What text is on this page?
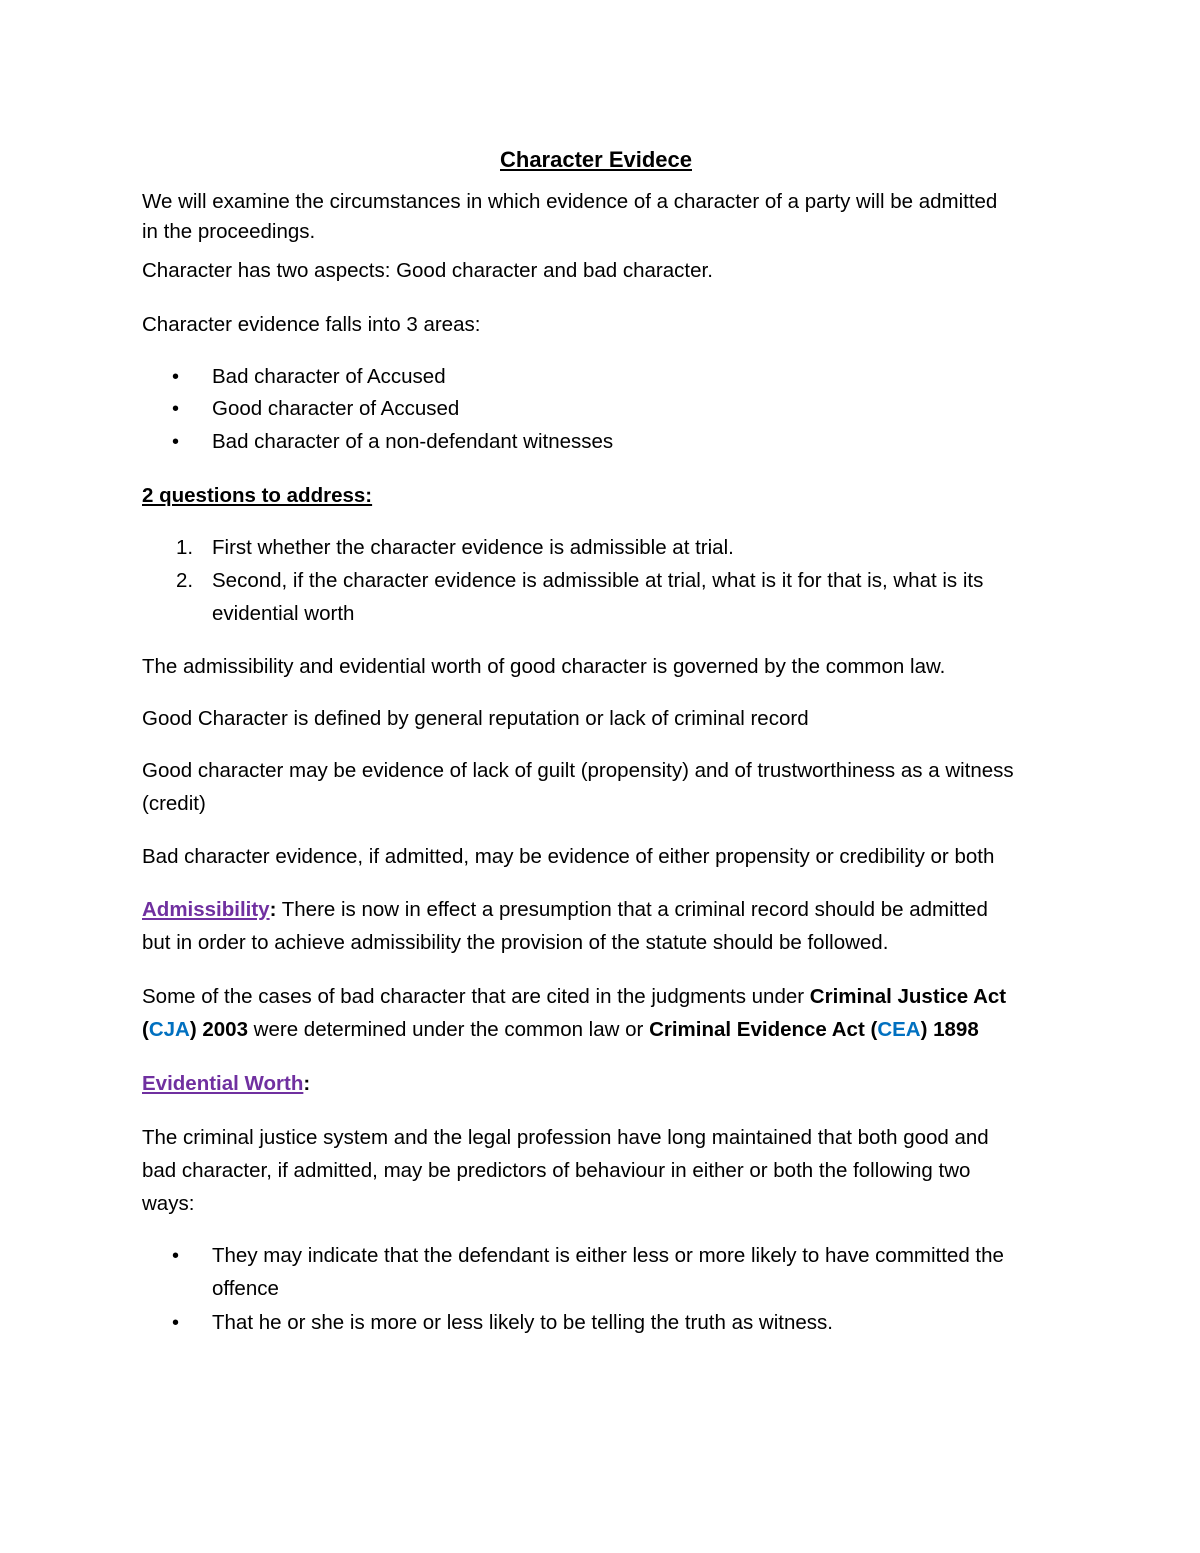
Character Evidece
We will examine the circumstances in which evidence of a character of a party will be admitted
in the proceedings.
Character has two aspects: Good character and bad character.
Character evidence falls into 3 areas:
• Bad character of Accused
• Good character of Accused
• Bad character of a non-defendant witnesses
2 questions to address:
1. First whether the character evidence is admissible at trial.
2. Second, if the character evidence is admissible at trial, what is it for that is, what is its
evidential worth
The admissibility and evidential worth of good character is governed by the common law.
Good Character is defined by general reputation or lack of criminal record
Good character may be evidence of lack of guilt (propensity) and of trustworthiness as a witness
(credit)
Bad character evidence, if admitted, may be evidence of either propensity or credibility or both
Admissibility: There is now in effect a presumption that a criminal record should be admitted
but in order to achieve admissibility the provision of the statute should be followed.
Some of the cases of bad character that are cited in the judgments under Criminal Justice Act
(CJA) 2003 were determined under the common law or Criminal Evidence Act (CEA) 1898
Evidential Worth:
The criminal justice system and the legal profession have long maintained that both good and
bad character, if admitted, may be predictors of behaviour in either or both the following two
ways:
• They may indicate that the defendant is either less or more likely to have committed the
offence
• That he or she is more or less likely to be telling the truth as witness.
